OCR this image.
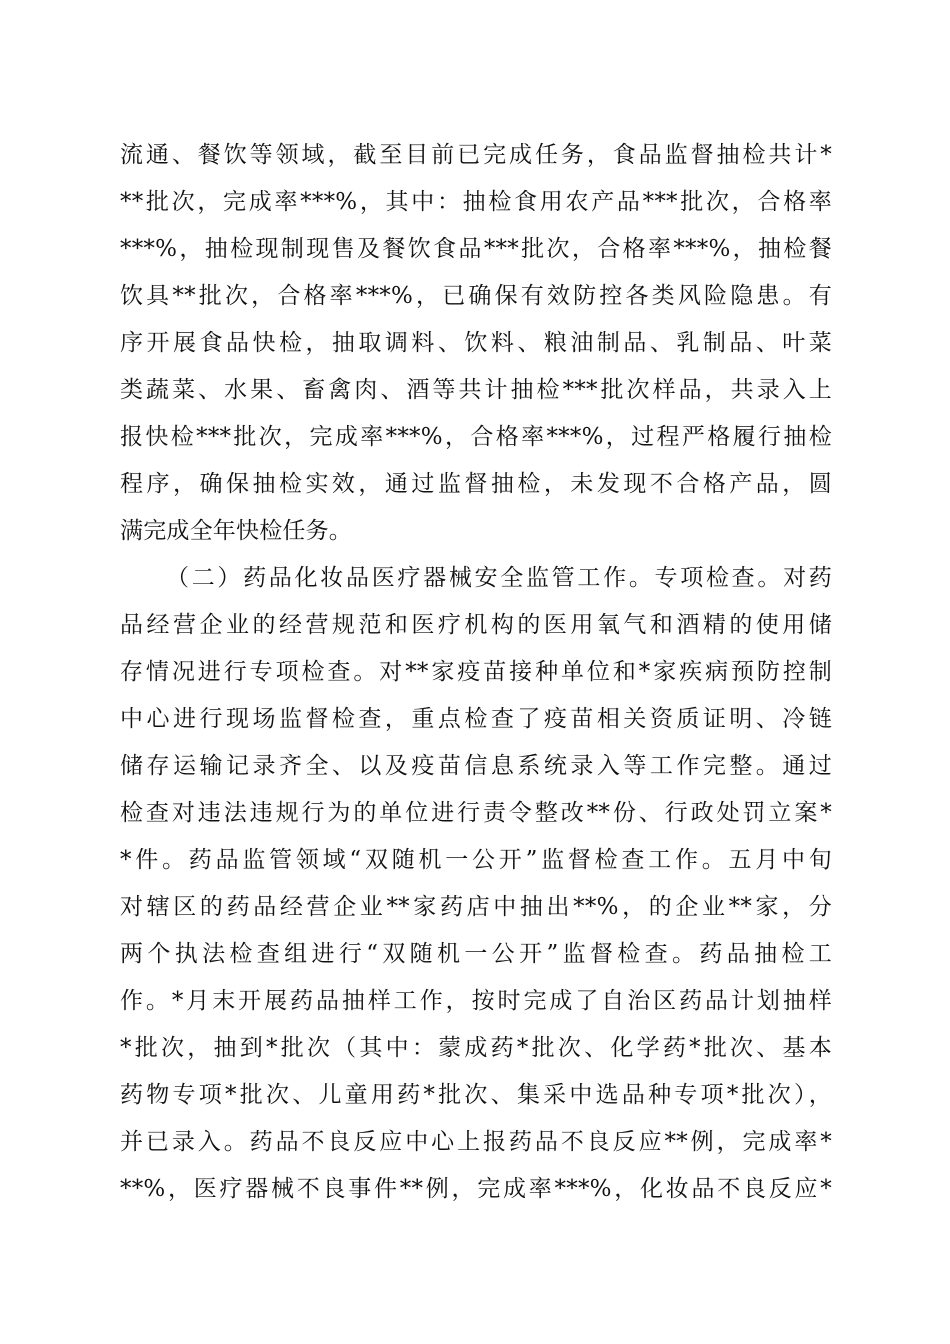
流通、餐饮等领域，截至目前已完成任务，食品监督抽检共计*
**批次，完成率***%，其中：抽检食用农产品***批次，合格率
***%，抽检现制现售及餐饮食品***批次，合格率***%，抽检餐
饮具**批次，合格率***%，已确保有效防控各类风险隐患。有
序开展食品快检，抽取调料、饮料、粮油制品、乳制品、叶菜
类蔬菜、水果、畜禽肉、酒等共计抽检***批次样品，共录入上
报快检***批次，完成率***%，合格率***%，过程严格履行抽检
程序，确保抽检实效，通过监督抽检，未发现不合格产品，圆
满完成全年快检任务。
（二）药品化妆品医疗器械安全监管工作。专项检查。对药
品经营企业的经营规范和医疗机构的医用氧气和酒精的使用储
存情况进行专项检查。对**家疫苗接种单位和*家疾病预防控制
中心进行现场监督检查，重点检查了疫苗相关资质证明、冷链
储存运输记录齐全、以及疫苗信息系统录入等工作完整。通过
检查对违法违规行为的单位进行责令整改**份、行政处罚立案*
*件。药品监管领域“双随机一公开”监督检查工作。五月中旬
对辖区的药品经营企业**家药店中抽出**%，的企业**家，分
两个执法检查组进行“双随机一公开”监督检查。药品抽检工
作。*月末开展药品抽样工作，按时完成了自治区药品计划抽样
*批次，抽到*批次（其中：蒙成药*批次、化学药*批次、基本
药物专项*批次、儿童用药*批次、集采中选品种专项*批次），
并已录入。药品不良反应中心上报药品不良反应**例，完成率*
**%，医疗器械不良事件**例，完成率***%，化妆品不良反应*
